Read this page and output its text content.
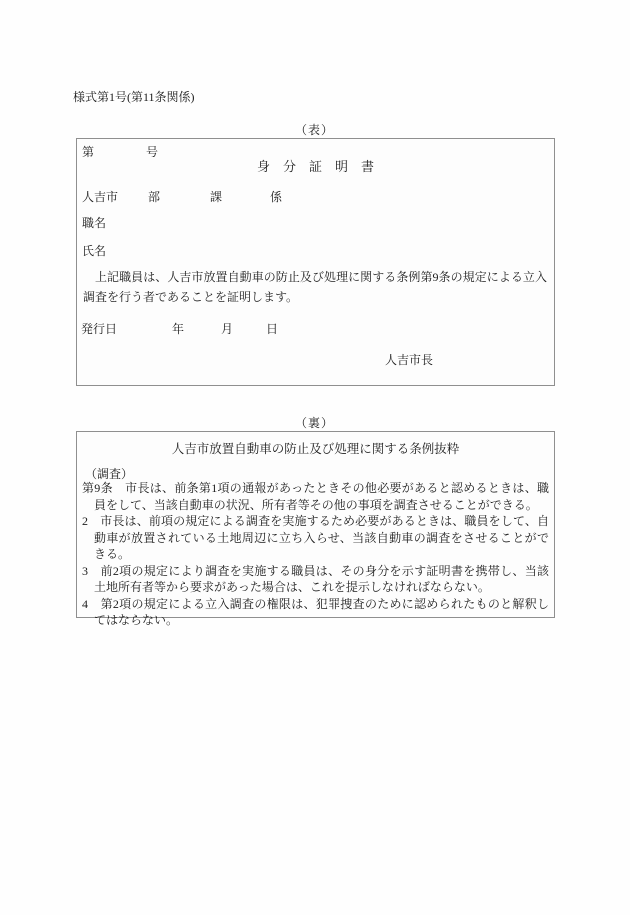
様式第1号(第11条関係)
（表）
第	号
身　分　証　明　書
人吉市	部	課	係
職名
氏名

上記職員は、人吉市放置自動車の防止及び処理に関する条例第9条の規定による立入調査を行う者であることを証明します。

発行日	年	月	日
人吉市長
（裏）
人吉市放置自動車の防止及び処理に関する条例抜粋
（調査）

第9条　市長は、前条第1項の通報があったときその他必要があると認めるときは、職員をして、当該自動車の状況、所有者等その他の事項を調査させることができる。

2　市長は、前項の規定による調査を実施するため必要があるときは、職員をして、自動車が放置されている土地周辺に立ち入らせ、当該自動車の調査をさせることができる。

3　前2項の規定により調査を実施する職員は、その身分を示す証明書を携帯し、当該土地所有者等から要求があった場合は、これを提示しなければならない。

4　第2項の規定による立入調査の権限は、犯罪捜査のために認められたものと解釈してはならない。
